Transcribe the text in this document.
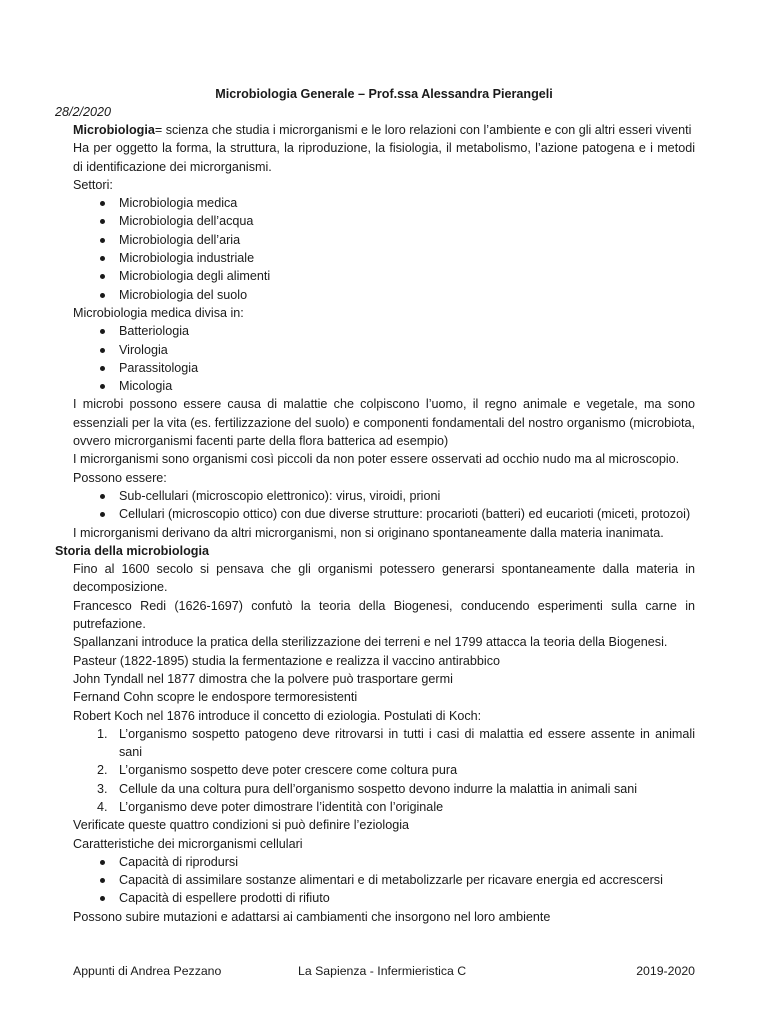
Microbiologia Generale – Prof.ssa Alessandra Pierangeli
28/2/2020

Microbiologia= scienza che studia i microrganismi e le loro relazioni con l’ambiente e con gli altri esseri viventi

Ha per oggetto la forma, la struttura, la riproduzione, la fisiologia, il metabolismo, l’azione patogena e i metodi di identificazione dei microrganismi.

Settori:

Microbiologia medica
Microbiologia dell’acqua
Microbiologia dell’aria
Microbiologia industriale
Microbiologia degli alimenti
Microbiologia del suolo

Microbiologia medica divisa in:

Batteriologia
Virologia
Parassitologia
Micologia

I microbi possono essere causa di malattie che colpiscono l’uomo, il regno animale e vegetale, ma sono essenziali per la vita (es. fertilizzazione del suolo) e componenti fondamentali del nostro organismo (microbiota, ovvero microrganismi facenti parte della flora batterica ad esempio)

I microrganismi sono organismi così piccoli da non poter essere osservati ad occhio nudo ma al microscopio.

Possono essere:

Sub-cellulari (microscopio elettronico): virus, viroidi, prioni
Cellulari (microscopio ottico) con due diverse strutture: procarioti (batteri) ed eucarioti (miceti, protozoi)

I microrganismi derivano da altri microrganismi, non si originano spontaneamente dalla materia inanimata.

Storia della microbiologia

Fino al 1600 secolo si pensava che gli organismi potessero generarsi spontaneamente dalla materia in decomposizione.

Francesco Redi (1626-1697) confutò la teoria della Biogenesi, conducendo esperimenti sulla carne in putrefazione.

Spallanzani introduce la pratica della sterilizzazione dei terreni e nel 1799 attacca la teoria della Biogenesi.

Pasteur (1822-1895) studia la fermentazione e realizza il vaccino antirabbico

John Tyndall nel 1877 dimostra che la polvere può trasportare germi

Fernand Cohn scopre le endospore termoresistenti

Robert Koch nel 1876 introduce il concetto di eziologia. Postulati di Koch:

1. L’organismo sospetto patogeno deve ritrovarsi in tutti i casi di malattia ed essere assente in animali sani
2. L’organismo sospetto deve poter crescere come coltura pura
3. Cellule da una coltura pura dell’organismo sospetto devono indurre la malattia in animali sani
4. L’organismo deve poter dimostrare l’identità con l’originale

Verificate queste quattro condizioni si può definire l’eziologia

Caratteristiche dei microrganismi cellulari

Capacità di riprodursi
Capacità di assimilare sostanze alimentari e di metabolizzarle per ricavare energia ed accrescersi
Capacità di espellere prodotti di rifiuto

Possono subire mutazioni e adattarsi ai cambiamenti che insorgono nel loro ambiente

Appunti di Andrea Pezzano	La Sapienza - Infermieristica C	2019-2020
